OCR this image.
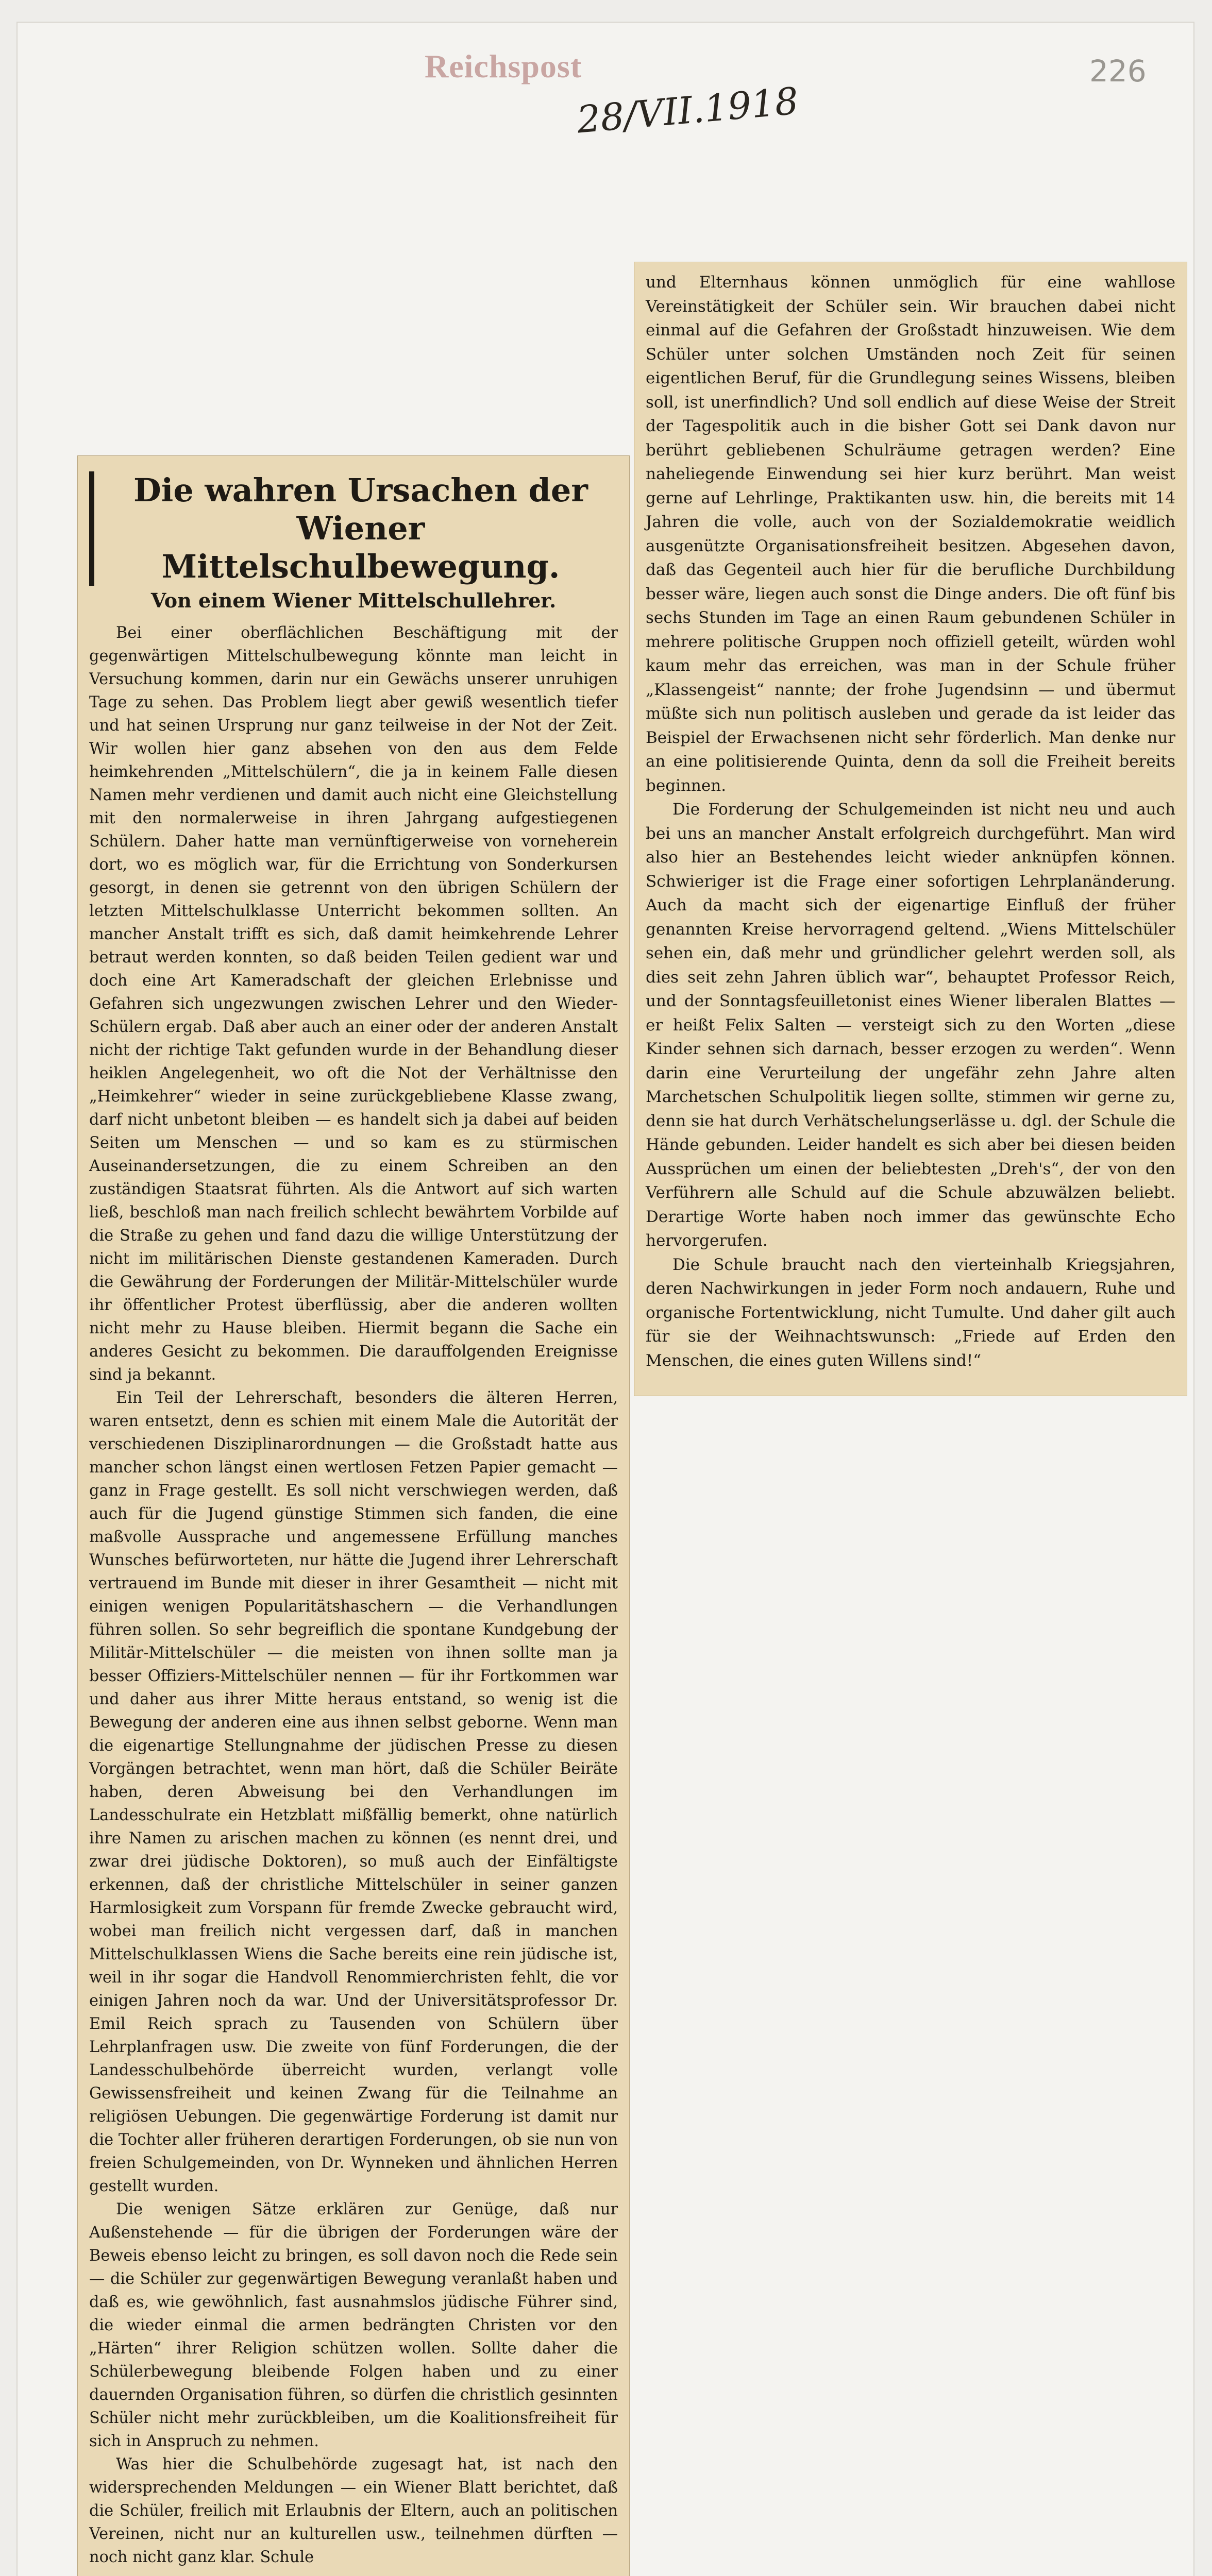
Reichspost
28/VII.1918
226
Die wahren Ursachen der Wiener Mittelschulbewegung.
Von einem Wiener Mittelschullehrer.

Bei einer oberflächlichen Beschäftigung mit der gegenwärtigen Mittelschulbewegung könnte man leicht in Versuchung kommen, darin nur ein Gewächs unserer unruhigen Tage zu sehen. Das Problem liegt aber gewiß wesentlich tiefer und hat seinen Ursprung nur ganz teilweise in der Not der Zeit. Wir wollen hier ganz absehen von den aus dem Felde heimkehrenden „Mittelschülern“, die ja in keinem Falle diesen Namen mehr verdienen und damit auch nicht eine Gleichstellung mit den normalerweise in ihren Jahrgang aufgestiegenen Schülern. Daher hatte man vernünftigerweise von vorneherein dort, wo es möglich war, für die Errichtung von Sonderkursen gesorgt, in denen sie getrennt von den übrigen Schülern der letzten Mittelschulklasse Unterricht bekommen sollten. An mancher Anstalt trifft es sich, daß damit heimkehrende Lehrer betraut werden konnten, so daß beiden Teilen gedient war und doch eine Art Kameradschaft der gleichen Erlebnisse und Gefahren sich ungezwungen zwischen Lehrer und den Wieder-Schülern ergab. Daß aber auch an einer oder der anderen Anstalt nicht der richtige Takt gefunden wurde in der Behandlung dieser heiklen Angelegenheit, wo oft die Not der Verhältnisse den „Heimkehrer“ wieder in seine zurückgebliebene Klasse zwang, darf nicht unbetont bleiben — es handelt sich ja dabei auf beiden Seiten um Menschen — und so kam es zu stürmischen Auseinandersetzungen, die zu einem Schreiben an den zuständigen Staatsrat führten. Als die Antwort auf sich warten ließ, beschloß man nach freilich schlecht bewährtem Vorbilde auf die Straße zu gehen und fand dazu die willige Unterstützung der nicht im militärischen Dienste gestandenen Kameraden. Durch die Gewährung der Forderungen der Militär-Mittelschüler wurde ihr öffentlicher Protest überflüssig, aber die anderen wollten nicht mehr zu Hause bleiben. Hiermit begann die Sache ein anderes Gesicht zu bekommen. Die darauffolgenden Ereignisse sind ja bekannt.

Ein Teil der Lehrerschaft, besonders die älteren Herren, waren entsetzt, denn es schien mit einem Male die Autorität der verschiedenen Disziplinarordnungen — die Großstadt hatte aus mancher schon längst einen wertlosen Fetzen Papier gemacht — ganz in Frage gestellt. Es soll nicht verschwiegen werden, daß auch für die Jugend günstige Stimmen sich fanden, die eine maßvolle Aussprache und angemessene Erfüllung manches Wunsches befürworteten, nur hätte die Jugend ihrer Lehrerschaft vertrauend im Bunde mit dieser in ihrer Gesamtheit — nicht mit einigen wenigen Popularitätshaschern — die Verhandlungen führen sollen. So sehr begreiflich die spontane Kundgebung der Militär-Mittelschüler — die meisten von ihnen sollte man ja besser Offiziers-Mittelschüler nennen — für ihr Fortkommen war und daher aus ihrer Mitte heraus entstand, so wenig ist die Bewegung der anderen eine aus ihnen selbst geborne. Wenn man die eigenartige Stellungnahme der jüdischen Presse zu diesen Vorgängen betrachtet, wenn man hört, daß die Schüler Beiräte haben, deren Abweisung bei den Verhandlungen im Landesschulrate ein Hetzblatt mißfällig bemerkt, ohne natürlich ihre Namen zu arischen machen zu können (es nennt drei, und zwar drei jüdische Doktoren), so muß auch der Einfältigste erkennen, daß der christliche Mittelschüler in seiner ganzen Harmlosigkeit zum Vorspann für fremde Zwecke gebraucht wird, wobei man freilich nicht vergessen darf, daß in manchen Mittelschulklassen Wiens die Sache bereits eine rein jüdische ist, weil in ihr sogar die Handvoll Renommierchristen fehlt, die vor einigen Jahren noch da war. Und der Universitätsprofessor Dr. Emil Reich sprach zu Tausenden von Schülern über Lehrplanfragen usw. Die zweite von fünf Forderungen, die der Landesschulbehörde überreicht wurden, verlangt volle Gewissensfreiheit und keinen Zwang für die Teilnahme an religiösen Uebungen. Die gegenwärtige Forderung ist damit nur die Tochter aller früheren derartigen Forderungen, ob sie nun von freien Schulgemeinden, von Dr. Wynneken und ähnlichen Herren gestellt wurden.

Die wenigen Sätze erklären zur Genüge, daß nur Außenstehende — für die übrigen der Forderungen wäre der Beweis ebenso leicht zu bringen, es soll davon noch die Rede sein — die Schüler zur gegenwärtigen Bewegung veranlaßt haben und daß es, wie gewöhnlich, fast ausnahmslos jüdische Führer sind, die wieder einmal die armen bedrängten Christen vor den „Härten“ ihrer Religion schützen wollen. Sollte daher die Schülerbewegung bleibende Folgen haben und zu einer dauernden Organisation führen, so dürfen die christlich gesinnten Schüler nicht mehr zurückbleiben, um die Koalitionsfreiheit für sich in Anspruch zu nehmen.

Was hier die Schulbehörde zugesagt hat, ist nach den widersprechenden Meldungen — ein Wiener Blatt berichtet, daß die Schüler, freilich mit Erlaubnis der Eltern, auch an politischen Vereinen, nicht nur an kulturellen usw., teilnehmen dürften — noch nicht ganz klar. Schule

und Elternhaus können unmöglich für eine wahllose Vereinstätigkeit der Schüler sein. Wir brauchen dabei nicht einmal auf die Gefahren der Großstadt hinzuweisen. Wie dem Schüler unter solchen Umständen noch Zeit für seinen eigentlichen Beruf, für die Grundlegung seines Wissens, bleiben soll, ist unerfindlich? Und soll endlich auf diese Weise der Streit der Tagespolitik auch in die bisher Gott sei Dank davon nur berührt gebliebenen Schulräume getragen werden? Eine naheliegende Einwendung sei hier kurz berührt. Man weist gerne auf Lehrlinge, Praktikanten usw. hin, die bereits mit 14 Jahren die volle, auch von der Sozialdemokratie weidlich ausgenützte Organisationsfreiheit besitzen. Abgesehen davon, daß das Gegenteil auch hier für die berufliche Durchbildung besser wäre, liegen auch sonst die Dinge anders. Die oft fünf bis sechs Stunden im Tage an einen Raum gebundenen Schüler in mehrere politische Gruppen noch offiziell geteilt, würden wohl kaum mehr das erreichen, was man in der Schule früher „Klassengeist“ nannte; der frohe Jugendsinn — und übermut müßte sich nun politisch ausleben und gerade da ist leider das Beispiel der Erwachsenen nicht sehr förderlich. Man denke nur an eine politisierende Quinta, denn da soll die Freiheit bereits beginnen.

Die Forderung der Schulgemeinden ist nicht neu und auch bei uns an mancher Anstalt erfolgreich durchgeführt. Man wird also hier an Bestehendes leicht wieder anknüpfen können. Schwieriger ist die Frage einer sofortigen Lehrplanänderung. Auch da macht sich der eigenartige Einfluß der früher genannten Kreise hervorragend geltend. „Wiens Mittelschüler sehen ein, daß mehr und gründlicher gelehrt werden soll, als dies seit zehn Jahren üblich war“, behauptet Professor Reich, und der Sonntagsfeuilletonist eines Wiener liberalen Blattes — er heißt Felix Salten — versteigt sich zu den Worten „diese Kinder sehnen sich darnach, besser erzogen zu werden“. Wenn darin eine Verurteilung der ungefähr zehn Jahre alten Marchetschen Schulpolitik liegen sollte, stimmen wir gerne zu, denn sie hat durch Verhätschelungserlässe u. dgl. der Schule die Hände gebunden. Leider handelt es sich aber bei diesen beiden Aussprüchen um einen der beliebtesten „Dreh's“, der von den Verführern alle Schuld auf die Schule abzuwälzen beliebt. Derartige Worte haben noch immer das gewünschte Echo hervorgerufen.

Die Schule braucht nach den vierteinhalb Kriegsjahren, deren Nachwirkungen in jeder Form noch andauern, Ruhe und organische Fortentwicklung, nicht Tumulte. Und daher gilt auch für sie der Weihnachtswunsch: „Friede auf Erden den Menschen, die eines guten Willens sind!“
